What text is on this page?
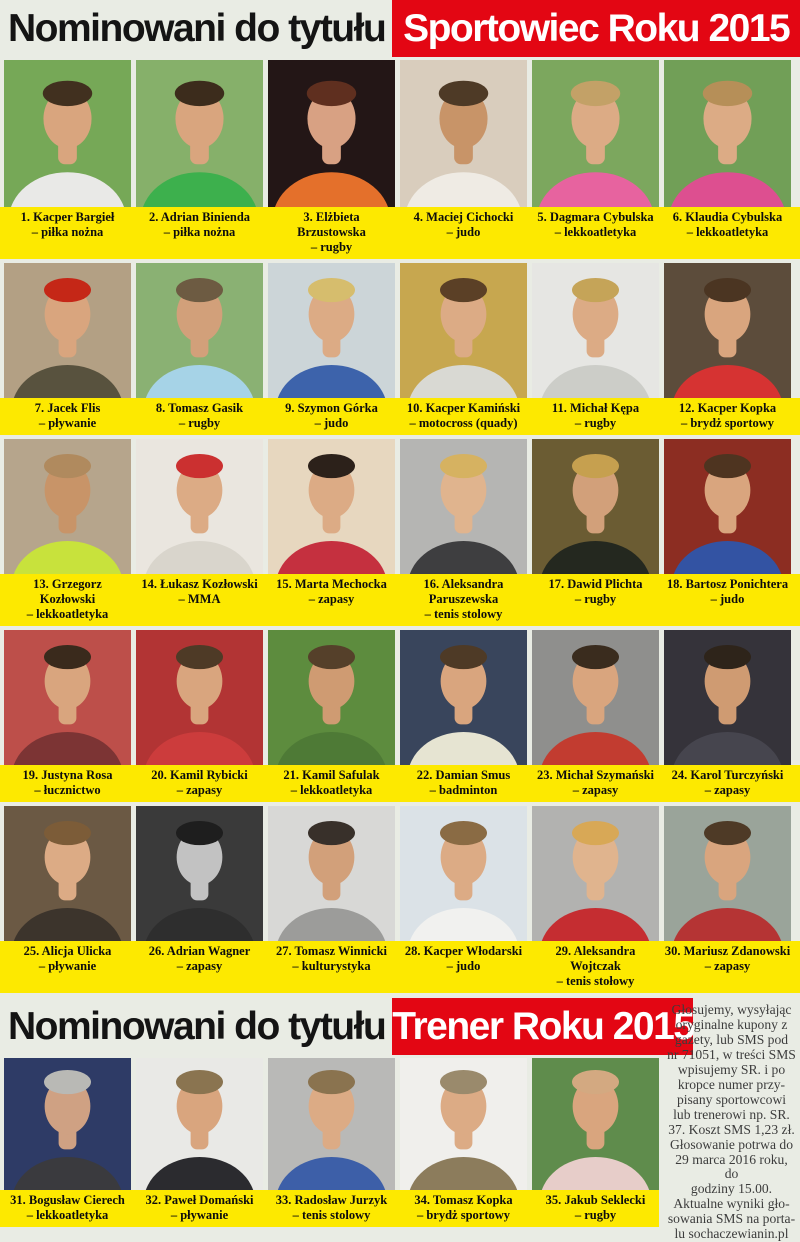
Nominowani do tytułu Sportowiec Roku 2015
1. Kacper Bargieł
– piłka nożna
2. Adrian Binienda
– piłka nożna
3. Elżbieta Brzustowska
– rugby
4. Maciej Cichocki
– judo
5. Dagmara Cybulska
– lekkoatletyka
6. Klaudia Cybulska
– lekkoatletyka
7. Jacek Flis
– pływanie
8. Tomasz Gasik
– rugby
9. Szymon Górka
– judo
10. Kacper Kamiński
– motocross (quady)
11. Michał Kępa
– rugby
12. Kacper Kopka
– brydż sportowy
13. Grzegorz Kozłowski
– lekkoatletyka
14. Łukasz Kozłowski
– MMA
15. Marta Mechocka
– zapasy
16. Aleksandra Paruszewska
– tenis stolowy
17. Dawid Plichta
– rugby
18. Bartosz Ponichtera
– judo
19. Justyna Rosa
– łucznictwo
20. Kamil Rybicki
– zapasy
21. Kamil Safulak
– lekkoatletyka
22. Damian Smus
– badminton
23. Michał Szymański
– zapasy
24. Karol Turczyński
– zapasy
25. Alicja Ulicka
– pływanie
26. Adrian Wagner
– zapasy
27. Tomasz Winnicki
– kulturystyka
28. Kacper Włodarski
– judo
29. Aleksandra Wojtczak
– tenis stołowy
30. Mariusz Zdanowski
– zapasy
Nominowani do tytułu Trener Roku 2015
31. Bogusław Cierech
– lekkoatletyka
32. Paweł Domański
– pływanie
33. Radosław Jurzyk
– tenis stolowy
34. Tomasz Kopka
– brydż sportowy
35. Jakub Seklecki
– rugby
Głosujemy, wysyłając
oryginalne kupony z
gazety, lub SMS pod
nr 71051, w treści SMS
wpisujemy SR. i po
kropce numer przy-
pisany sportowcowi
lub trenerowi np. SR.
37. Koszt SMS 1,23 zł.
Głosowanie potrwa do
29 marca 2016 roku, do
godziny 15.00.
Aktualne wyniki gło-
sowania SMS na porta-
lu sochaczewianin.pl
